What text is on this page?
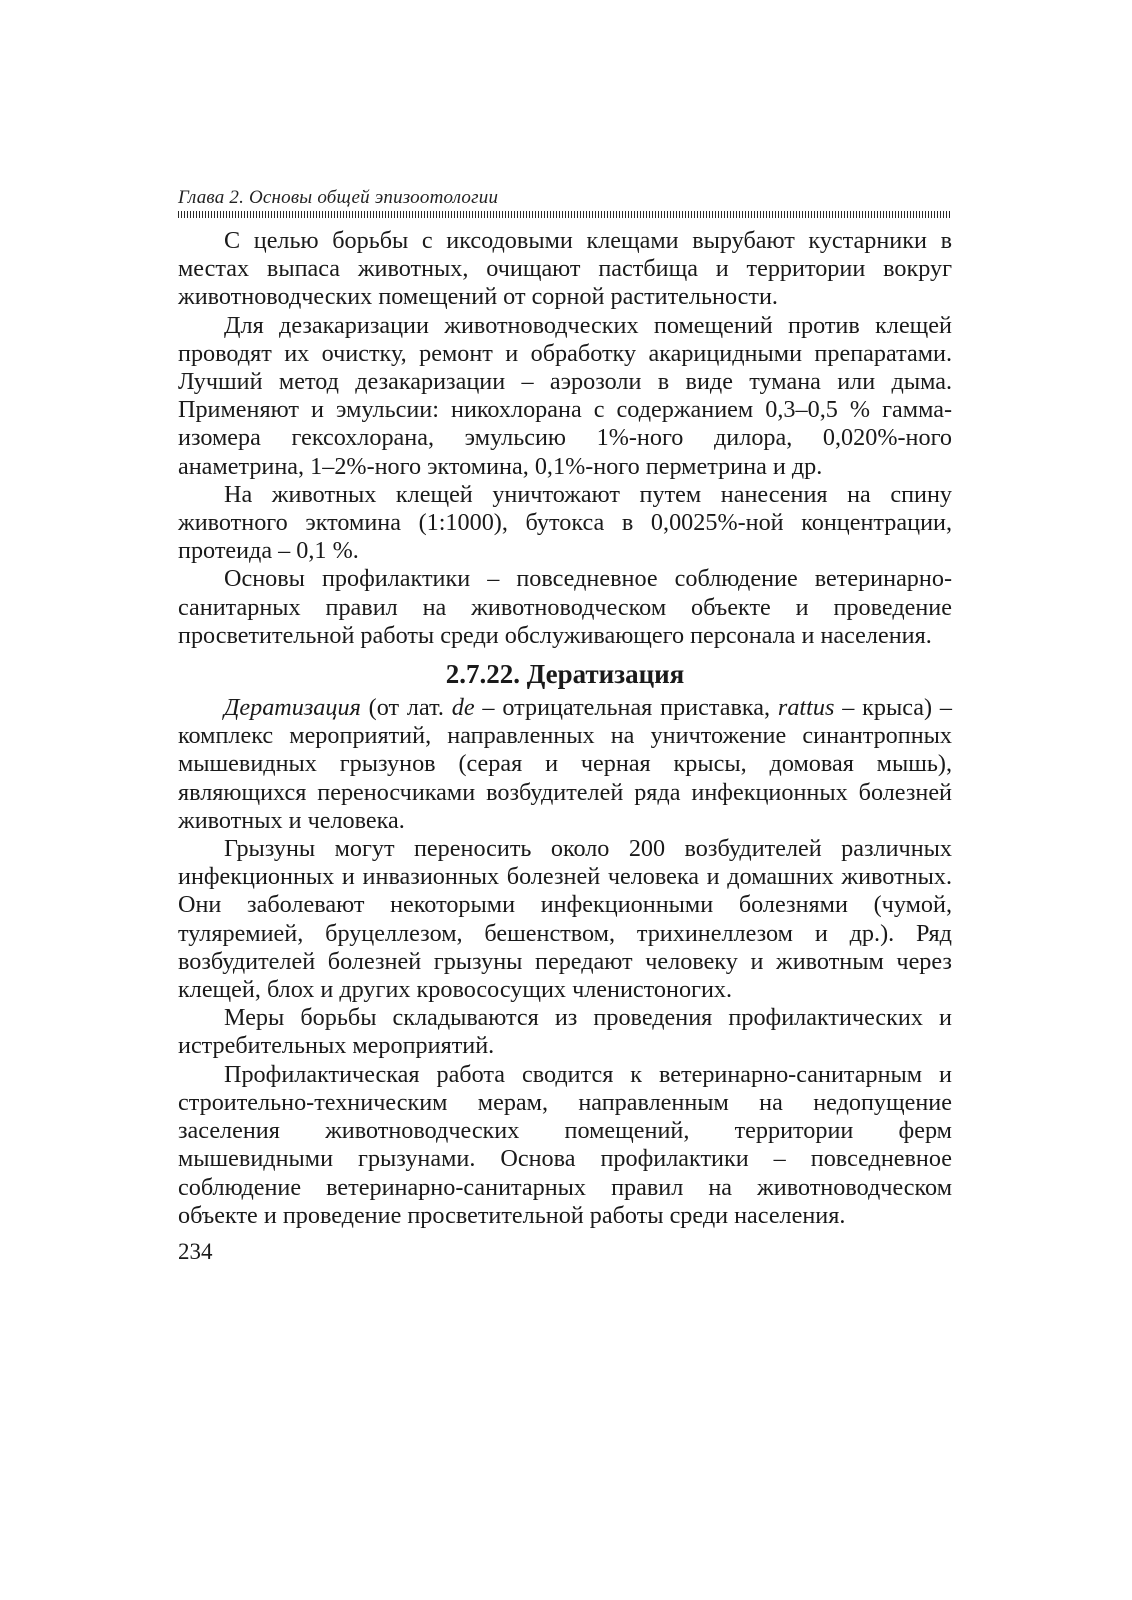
Глава 2. Основы общей эпизоотологии

С целью борьбы с иксодовыми клещами вырубают кустарники в местах выпаса животных, очищают пастбища и территории вокруг животноводческих помещений от сорной растительности.

Для дезакаризации животноводческих помещений против клещей проводят их очистку, ремонт и обработку акарицидными препаратами. Лучший метод дезакаризации – аэрозоли в виде тумана или дыма. Применяют и эмульсии: никохлорана с содержанием 0,3–0,5 % гамма-изомера гексохлорана, эмульсию 1%-ного дилора, 0,020%-ного анаметрина, 1–2%-ного эктомина, 0,1%-ного перметрина и др.

На животных клещей уничтожают путем нанесения на спину животного эктомина (1:1000), бутокса в 0,0025%-ной концентрации, протеида – 0,1 %.

Основы профилактики – повседневное соблюдение ветеринарно-санитарных правил на животноводческом объекте и проведение просветительной работы среди обслуживающего персонала и населения.

2.7.22. Дератизация

Дератизация (от лат. de – отрицательная приставка, rattus – крыса) – комплекс мероприятий, направленных на уничтожение синантропных мышевидных грызунов (серая и черная крысы, домовая мышь), являющихся переносчиками возбудителей ряда инфекционных болезней животных и человека.

Грызуны могут переносить около 200 возбудителей различных инфекционных и инвазионных болезней человека и домашних животных. Они заболевают некоторыми инфекционными болезнями (чумой, туляремией, бруцеллезом, бешенством, трихинеллезом и др.). Ряд возбудителей болезней грызуны передают человеку и животным через клещей, блох и других кровососущих членистоногих.

Меры борьбы складываются из проведения профилактических и истребительных мероприятий.

Профилактическая работа сводится к ветеринарно-санитарным и строительно-техническим мерам, направленным на недопущение заселения животноводческих помещений, территории ферм мышевидными грызунами. Основа профилактики – повседневное соблюдение ветеринарно-санитарных правил на животноводческом объекте и проведение просветительной работы среди населения.

234
